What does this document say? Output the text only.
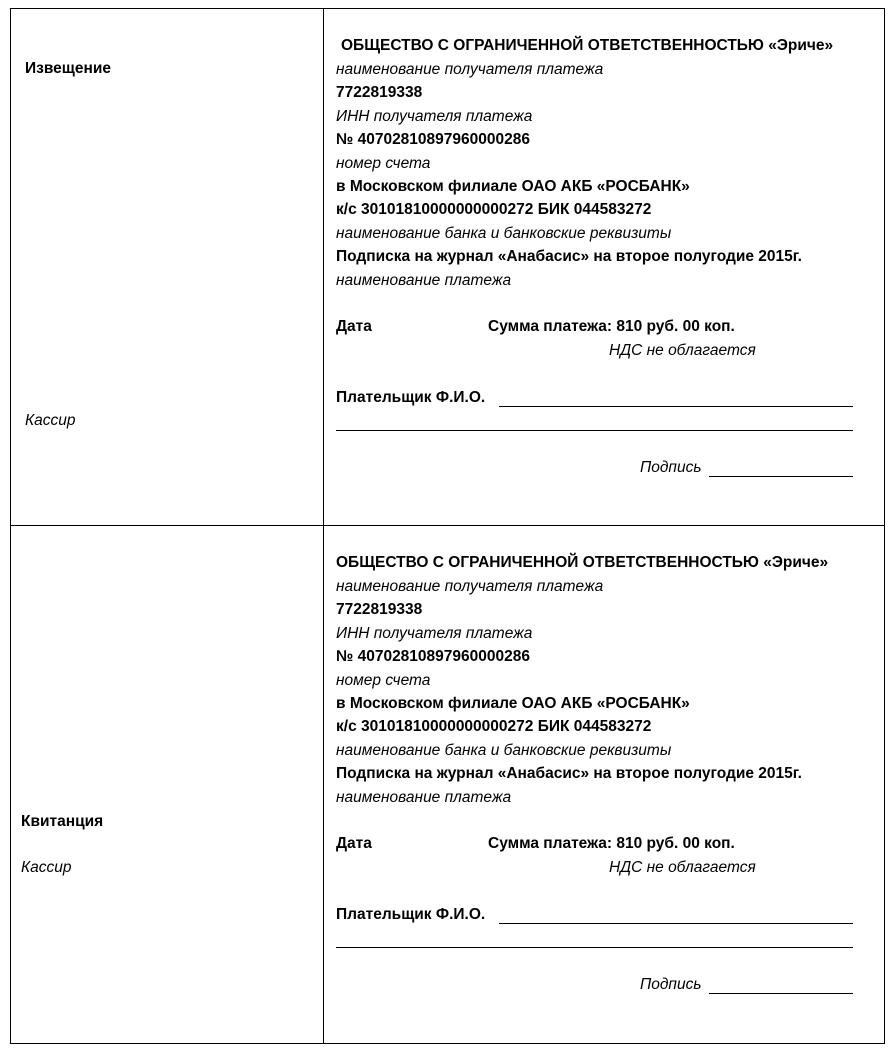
Извещение
Кассир
ОБЩЕСТВО С ОГРАНИЧЕННОЙ ОТВЕТСТВЕННОСТЬЮ «Эриче»
наименование получателя платежа
7722819338
ИНН получателя платежа
№ 40702810897960000286
номер счета
в Московском филиале ОАО АКБ «РОСБАНК»
к/с 30101810000000000272 БИК 044583272
наименование банка и банковские реквизиты
Подписка на журнал «Анабасис» на второе полугодие 2015г.
наименование платежа
Дата	Сумма платежа: 810 руб. 00 коп.
НДС не облагается
Плательщик Ф.И.О.
Подпись
Квитанция
Кассир
ОБЩЕСТВО С ОГРАНИЧЕННОЙ ОТВЕТСТВЕННОСТЬЮ «Эриче»
наименование получателя платежа
7722819338
ИНН получателя платежа
№ 40702810897960000286
номер счета
в Московском филиале ОАО АКБ «РОСБАНК»
к/с 30101810000000000272 БИК 044583272
наименование банка и банковские реквизиты
Подписка на журнал «Анабасис» на второе полугодие 2015г.
наименование платежа
Дата	Сумма платежа: 810 руб. 00 коп.
НДС не облагается
Плательщик Ф.И.О.
Подпись
